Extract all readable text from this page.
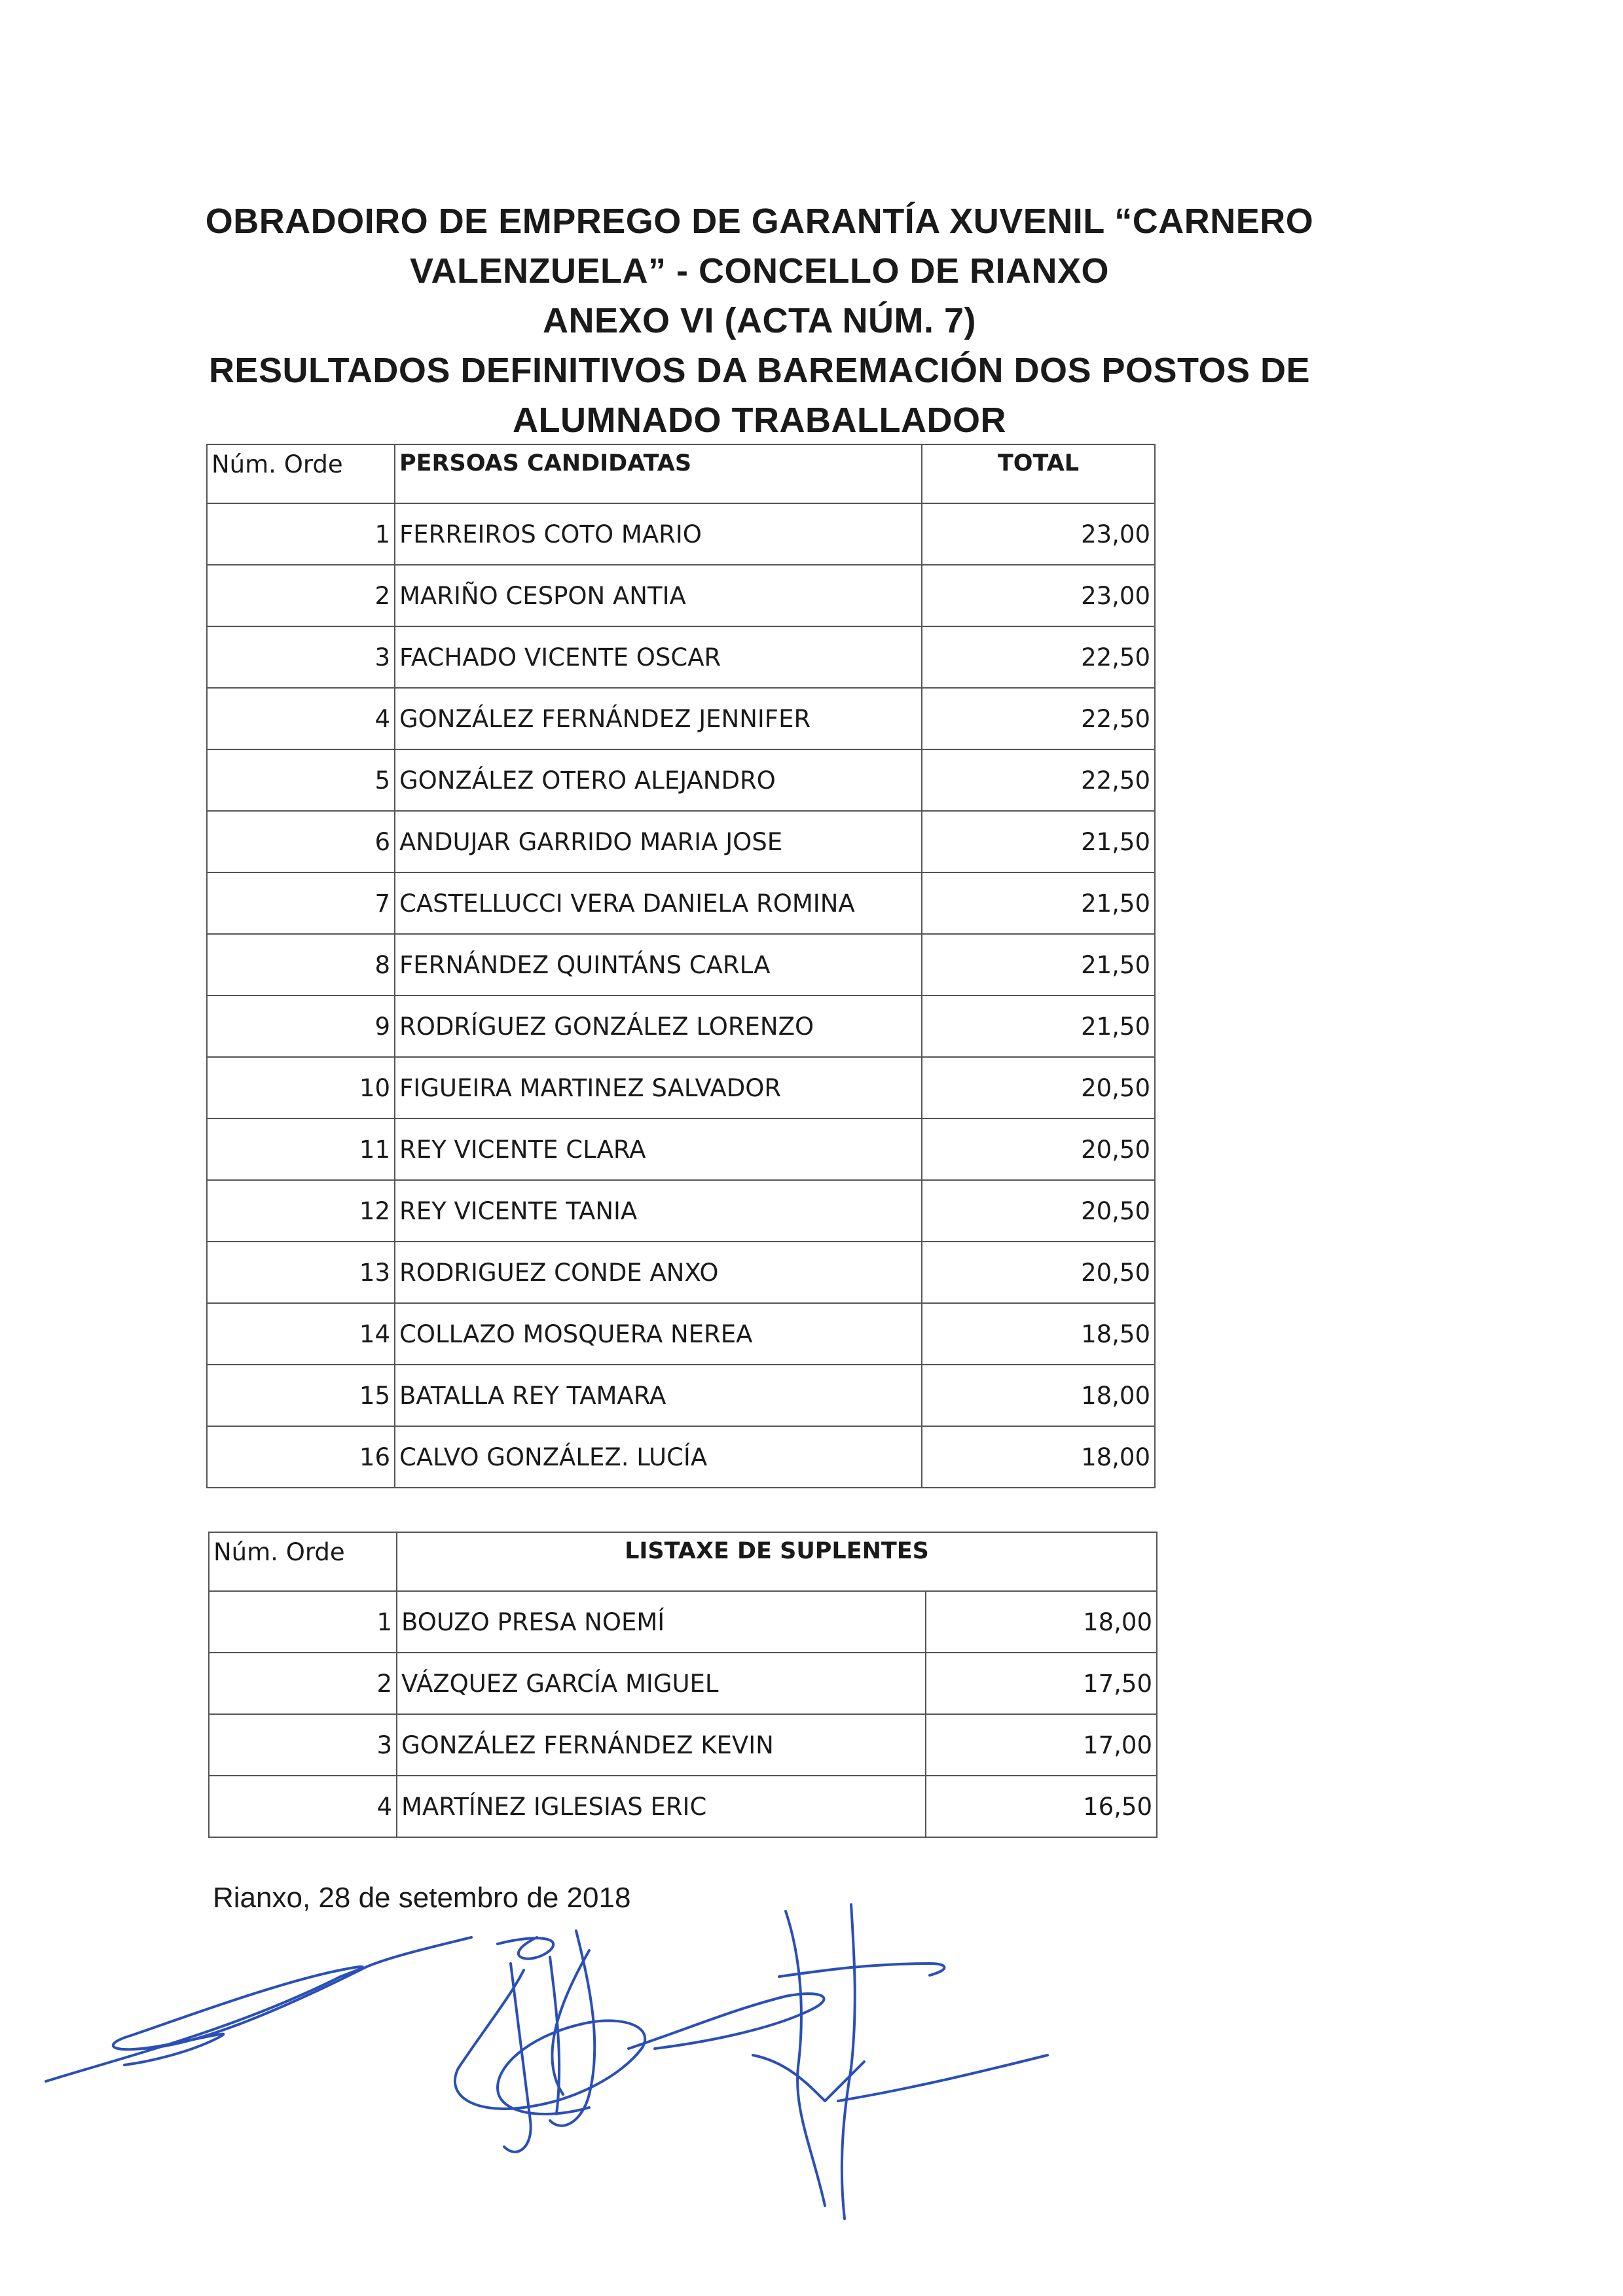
OBRADOIRO DE EMPREGO DE GARANTÍA XUVENIL “CARNERO
VALENZUELA” - CONCELLO DE RIANXO
ANEXO VI (ACTA NÚM. 7)
RESULTADOS DEFINITIVOS DA BAREMACIÓN DOS POSTOS DE
ALUMNADO TRABALLADOR
Núm. Orde	PERSOAS CANDIDATAS	TOTAL
1	FERREIROS COTO MARIO	23,00
2	MARIÑO CESPON ANTIA	23,00
3	FACHADO VICENTE OSCAR	22,50
4	GONZÁLEZ FERNÁNDEZ JENNIFER	22,50
5	GONZÁLEZ OTERO ALEJANDRO	22,50
6	ANDUJAR GARRIDO MARIA JOSE	21,50
7	CASTELLUCCI VERA DANIELA ROMINA	21,50
8	FERNÁNDEZ QUINTÁNS CARLA	21,50
9	RODRÍGUEZ GONZÁLEZ LORENZO	21,50
10	FIGUEIRA MARTINEZ SALVADOR	20,50
11	REY VICENTE CLARA	20,50
12	REY VICENTE TANIA	20,50
13	RODRIGUEZ CONDE ANXO	20,50
14	COLLAZO MOSQUERA NEREA	18,50
15	BATALLA REY TAMARA	18,00
16	CALVO GONZÁLEZ. LUCÍA	18,00
Núm. Orde	LISTAXE DE SUPLENTES	
1	BOUZO PRESA NOEMÍ	18,00
2	VÁZQUEZ GARCÍA MIGUEL	17,50
3	GONZÁLEZ FERNÁNDEZ KEVIN	17,00
4	MARTÍNEZ IGLESIAS ERIC	16,50
Rianxo, 28 de setembro de 2018
